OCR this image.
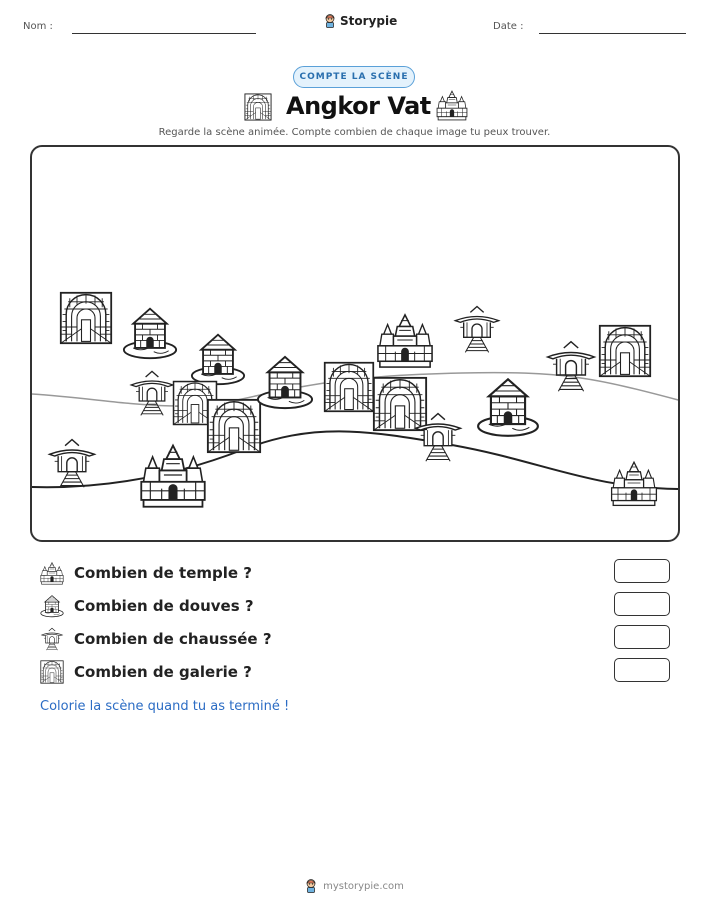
Nom :	Storypie	Date :
COMPTE LA SCÈNE
Angkor Vat
Regarde la scène animée. Compte combien de chaque image tu peux trouver.
Combien de temple ?
Combien de douves ?
Combien de chaussée ?
Combien de galerie ?
Colorie la scène quand tu as terminé !
mystorypie.com
